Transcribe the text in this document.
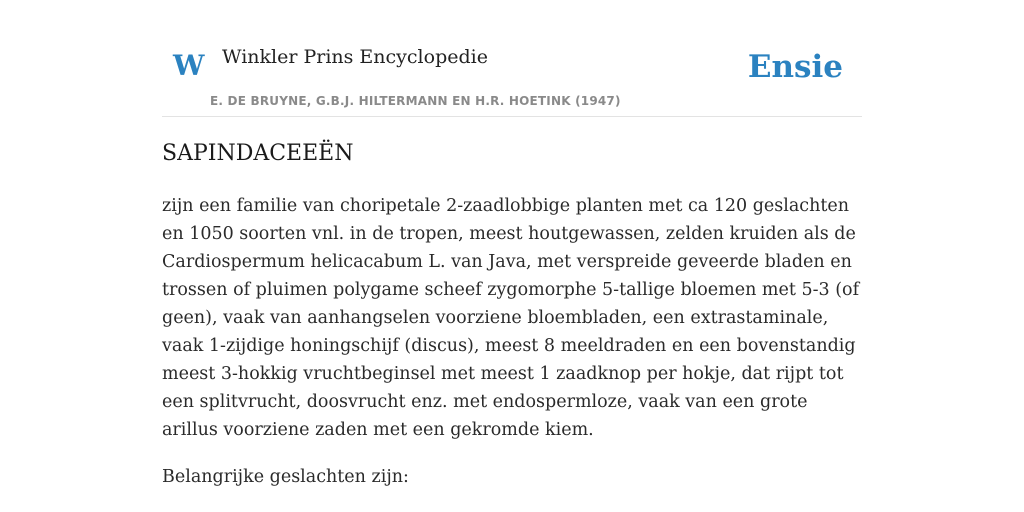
W Winkler Prins Encyclopedie
E. DE BRUYNE, G.B.J. HILTERMANN EN H.R. HOETINK (1947)
Ensie
SAPINDACEEËN

zijn een familie van choripetale 2-zaadlobbige planten met ca 120 geslachten en 1050 soorten vnl. in de tropen, meest houtgewassen, zelden kruiden als de Cardiospermum helicacabum L. van Java, met verspreide geveerde bladen en trossen of pluimen polygame scheef zygomorphe 5-tallige bloemen met 5-3 (of geen), vaak van aanhangselen voorziene bloembladen, een extrastaminale, vaak 1-zijdige honingschijf (discus), meest 8 meeldraden en een bovenstandig meest 3-hokkig vruchtbeginsel met meest 1 zaadknop per hokje, dat rijpt tot een splitvrucht, doosvrucht enz. met endospermloze, vaak van een grote arillus voorziene zaden met een gekromde kiem.

Belangrijke geslachten zijn:
